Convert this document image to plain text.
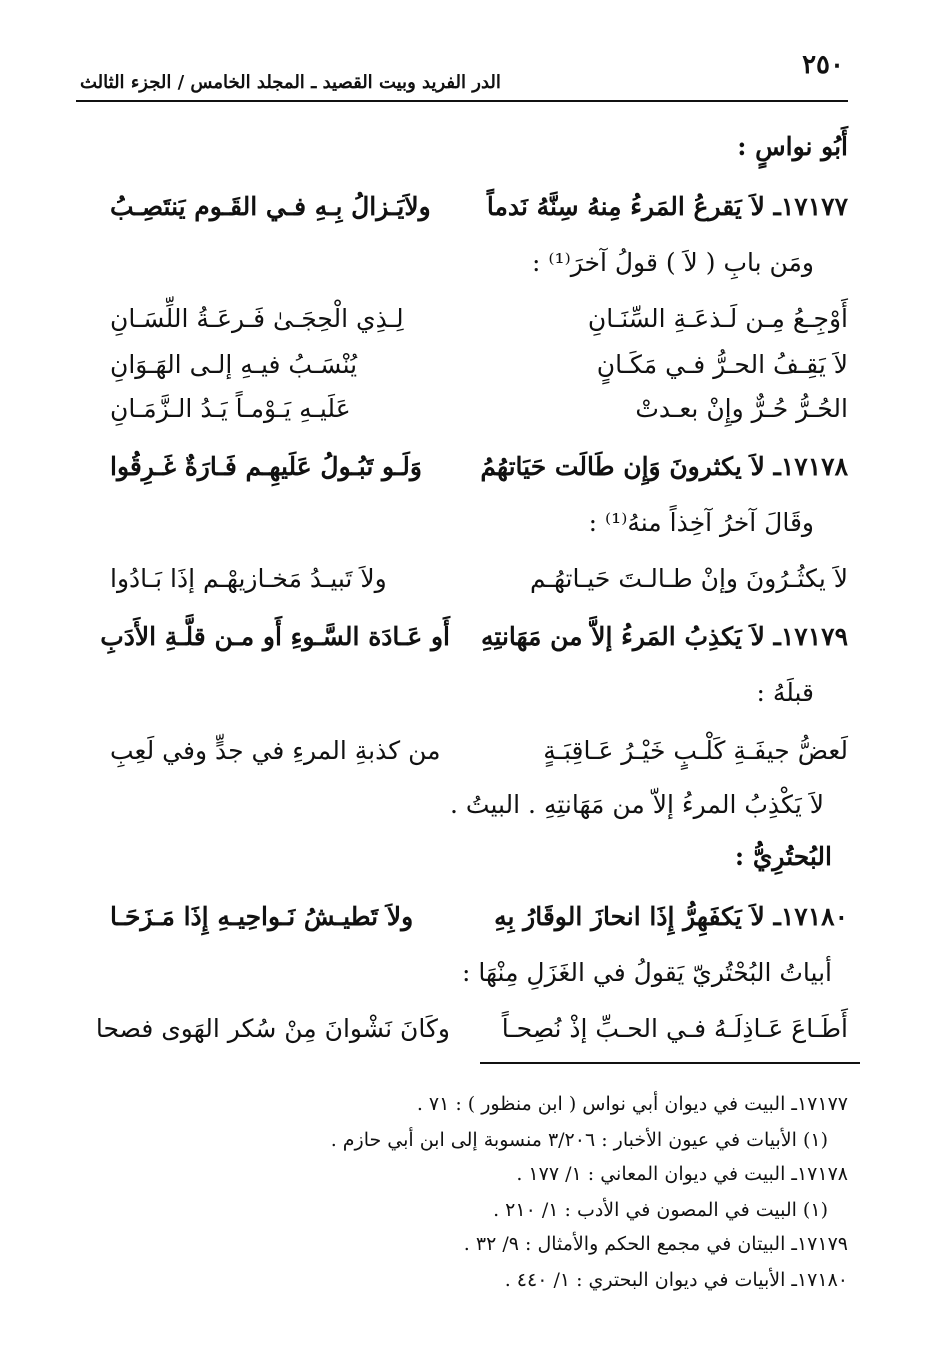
٢٥٠
الدر الفريد وبيت القصيد ـ المجلد الخامس / الجزء الثالث
أَبُو نواسٍ :
١٧١٧٧ـ لاَ يَقرعُ المَرءُ مِنهُ سِنَّهُ نَدماً
ولاَيَـزالُ بِـهِ فـي القَـوم يَنتَصِـبُ
ومَن بابِ ( لاَ ) قولُ آخرَ⁽¹⁾ :
أَوْجِـعُ مِـن لَـذعَـةِ السِّنَـانِ
لِـذِي الْحِجَـىٰ فَـرعَـةُ اللِّسَـانِ
لاَ يَقِـفُ الحـرُّ فـي مَكَـانٍ
يُنْسَـبُ فيـهِ إلـى الهَـوَانِ
الحُـرُّ حُـرٌّ وإِنْ بعـدتْ
عَلَيـهِ يَـوْمـاً يَـدُ الـزَّمَـانِ
١٧١٧٨ـ لاَ يكثرونَ وَإِن طَالَت حَيَاتهُمُ
وَلَـو تَبُـولُ عَلَيهِـم فَـارَةٌ غَـرِقُوا
وقَالَ آخرُ آخِذاً منهُ⁽¹⁾ :
لاَ يكثُـرُونَ وإنْ طـالـتَ حَيـاتهُـم
ولاَ تَبيـدُ مَخـازيهْـم إذَا بَـادُوا
١٧١٧٩ـ لاَ يَكذِبُ المَرءُ إلاَّ من مَهَانتِهِ
أَو عَـادَة السَّـوءِ أَو مـن قلَّـةِ الأَدَبِ
قبلَهُ :
لَعضُّ جيفَـةِ كَلْـبٍ خَيْـرُ عَـاقِبَـةٍ
من كذبةِ المرءِ في جدٍّ وفي لَعِبِ
لاَ يَكْذِبُ المرءُ إلاّ من مَهَانتِهِ . البيتُ .
البُحتُرِيُّ :
١٧١٨٠ـ لاَ يَكفَهِرُّ إِذَا انحازَ الوقَارُ بِهِ
ولاَ تَطيـشُ نَـواحِيـهِ إِذَا مَـزَحَـا
أبياتُ البُحْتُريّ يَقولُ في الغَزَلِ مِنْهَا :
أَطَـاعَ عَـاذِلَـهُ فـي الحـبِّ إذْ نُصِحـاً
وكَانَ نَشْوانَ مِنْ سُكر الهَوى فصحا
١٧١٧٧ـ البيت في ديوان أبي نواس ( ابن منظور ) : ٧١ .
(١) الأبيات في عيون الأخبار : ٣/٢٠٦ منسوبة إلى ابن أبي حازم .
١٧١٧٨ـ البيت في ديوان المعاني : ١/ ١٧٧ .
(١) البيت في المصون في الأدب : ١/ ٢١٠ .
١٧١٧٩ـ البيتان في مجمع الحكم والأمثال : ٩/ ٣٢ .
١٧١٨٠ـ الأبيات في ديوان البحتري : ١/ ٤٤٠ .
